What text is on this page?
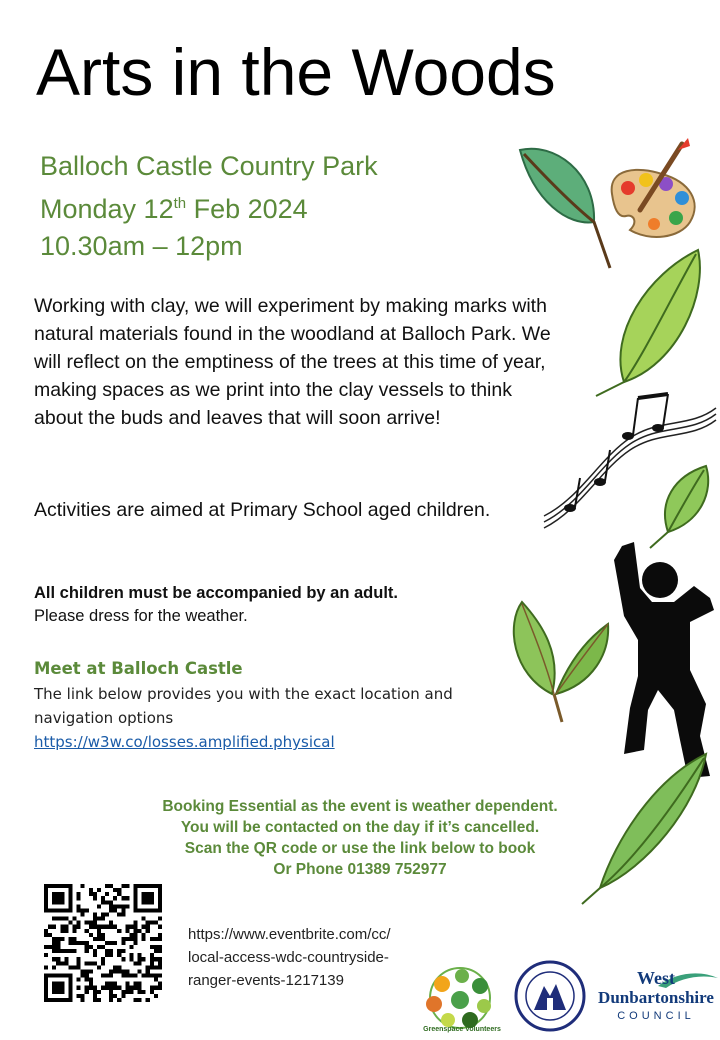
Arts in the Woods
Balloch Castle Country Park
Monday 12th Feb 2024
10.30am – 12pm
Working with clay, we will experiment by making marks with natural materials found in the woodland at Balloch Park. We will reflect on the emptiness of the trees at this time of year, making spaces as we print into the clay vessels to think about the buds and leaves that will soon arrive!
Activities are aimed at Primary School aged children.
All children must be accompanied by an adult.
Please dress for the weather.
Meet at Balloch Castle
The link below provides you with the exact location and navigation options
https://w3w.co/losses.amplified.physical
Booking Essential as the event is weather dependent.
You will be contacted on the day if it’s cancelled.
Scan the QR code or use the link below to book
Or Phone 01389 752977
https://www.eventbrite.com/cc/
local-access-wdc-countryside-
ranger-events-1217139
Greenspace Volunteers
West
Dunbartonshire
COUNCIL
